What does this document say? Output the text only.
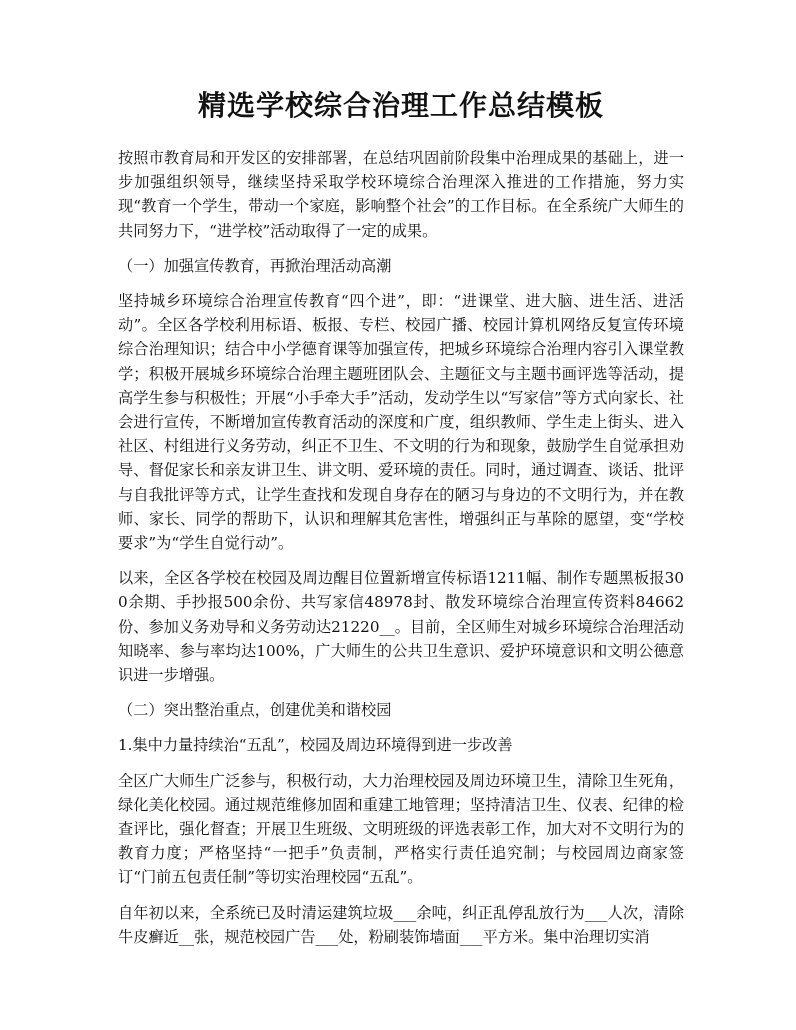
精选学校综合治理工作总结模板

按照市教育局和开发区的安排部署，在总结巩固前阶段集中治理成果的基础上，进一步加强组织领导，继续坚持采取学校环境综合治理深入推进的工作措施，努力实现“教育一个学生，带动一个家庭，影响整个社会”的工作目标。在全系统广大师生的共同努力下，“进学校”活动取得了一定的成果。

（一）加强宣传教育，再掀治理活动高潮

坚持城乡环境综合治理宣传教育“四个进”，即：“进课堂、进大脑、进生活、进活动”。全区各学校利用标语、板报、专栏、校园广播、校园计算机网络反复宣传环境综合治理知识；结合中小学德育课等加强宣传，把城乡环境综合治理内容引入课堂教学；积极开展城乡环境综合治理主题班团队会、主题征文与主题书画评选等活动，提高学生参与积极性；开展“小手牵大手”活动，发动学生以“写家信”等方式向家长、社会进行宣传，不断增加宣传教育活动的深度和广度，组织教师、学生走上街头、进入社区、村组进行义务劳动，纠正不卫生、不文明的行为和现象，鼓励学生自觉承担劝导、督促家长和亲友讲卫生、讲文明、爱环境的责任。同时，通过调查、谈话、批评与自我批评等方式，让学生查找和发现自身存在的陋习与身边的不文明行为，并在教师、家长、同学的帮助下，认识和理解其危害性，增强纠正与革除的愿望，变“学校要求”为“学生自觉行动”。

以来，全区各学校在校园及周边醒目位置新增宣传标语1211幅、制作专题黑板报300余期、手抄报500余份、共写家信48978封、散发环境综合治理宣传资料84662份、参加义务劝导和义务劳动达21220__。目前，全区师生对城乡环境综合治理活动知晓率、参与率均达100%，广大师生的公共卫生意识、爱护环境意识和文明公德意识进一步增强。

（二）突出整治重点，创建优美和谐校园

1.集中力量持续治“五乱”，校园及周边环境得到进一步改善

全区广大师生广泛参与，积极行动，大力治理校园及周边环境卫生，清除卫生死角，绿化美化校园。通过规范维修加固和重建工地管理；坚持清洁卫生、仪表、纪律的检查评比，强化督查；开展卫生班级、文明班级的评选表彰工作，加大对不文明行为的教育力度；严格坚持“一把手”负责制，严格实行责任追究制；与校园周边商家签订“门前五包责任制”等切实治理校园“五乱”。

自年初以来，全系统已及时清运建筑垃圾___余吨，纠正乱停乱放行为___人次，清除牛皮癣近__张，规范校园广告___处，粉刷装饰墙面___平方米。集中治理切实消
